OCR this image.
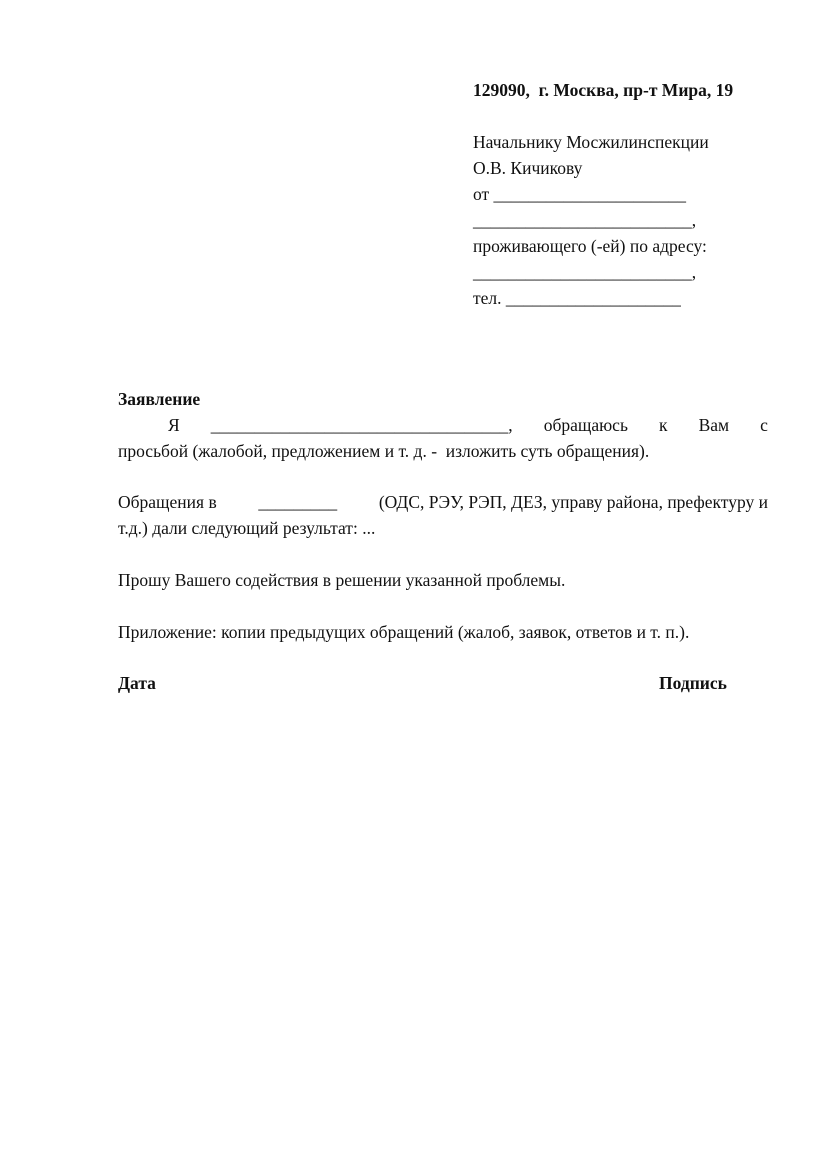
129090,  г. Москва, пр-т Мира, 19
Начальнику Мосжилинспекции
О.В. Кичикову
от ______________________
_________________________,
проживающего (-ей) по адресу:
_________________________,
тел. ____________________
Заявление
Я __________________________________, обращаюсь к Вам с
просьбой (жалобой, предложением и т. д. -  изложить суть обращения).
Обращения в _________ (ОДС, РЭУ, РЭП, ДЕЗ, управу района, префектуру и
т.д.) дали следующий результат: ...
Прошу Вашего содействия в решении указанной проблемы.
Приложение: копии предыдущих обращений (жалоб, заявок, ответов и т. п.).
Дата	Подпись
